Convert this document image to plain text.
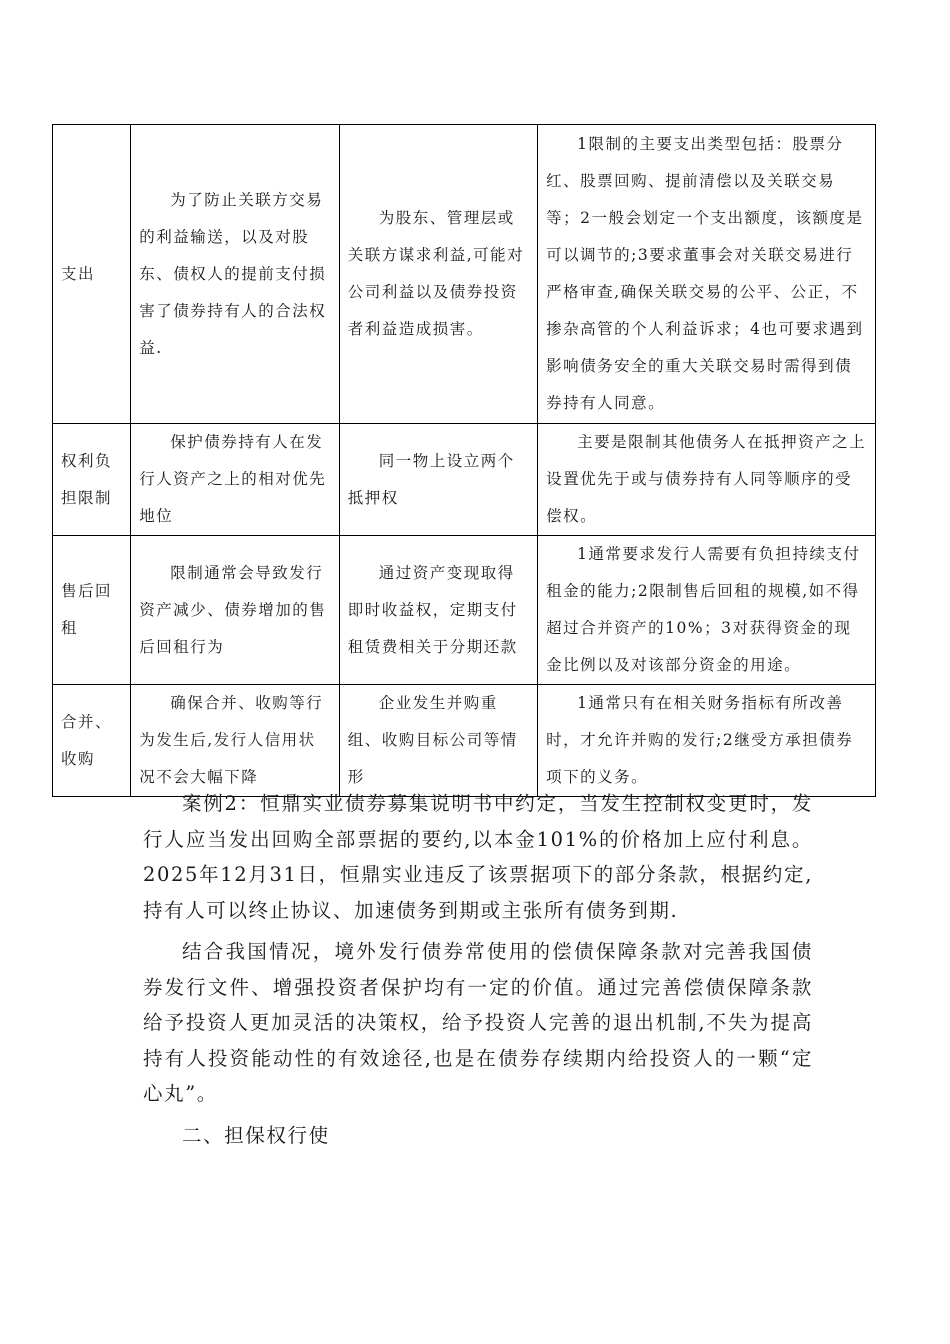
支出	为了防止关联方交易的利益输送，以及对股东、债权人的提前支付损害了债券持有人的合法权益.	为股东、管理层或关联方谋求利益,可能对公司利益以及债券投资者利益造成损害。	1限制的主要支出类型包括：股票分红、股票回购、提前清偿以及关联交易等；2一般会划定一个支出额度，该额度是可以调节的;3要求董事会对关联交易进行严格审查,确保关联交易的公平、公正，不掺杂高管的个人利益诉求；4也可要求遇到影响债务安全的重大关联交易时需得到债券持有人同意。
权利负担限制	保护债券持有人在发行人资产之上的相对优先地位	同一物上设立两个抵押权	主要是限制其他债务人在抵押资产之上设置优先于或与债券持有人同等顺序的受偿权。
售后回租	限制通常会导致发行资产减少、债券增加的售后回租行为	通过资产变现取得即时收益权，定期支付租赁费相关于分期还款	1通常要求发行人需要有负担持续支付租金的能力;2限制售后回租的规模,如不得超过合并资产的10%；3对获得资金的现金比例以及对该部分资金的用途。
合并、收购	确保合并、收购等行为发生后,发行人信用状况不会大幅下降	企业发生并购重组、收购目标公司等情形	1通常只有在相关财务指标有所改善时，才允许并购的发行;2继受方承担债券项下的义务。

案例2：恒鼎实业债券募集说明书中约定，当发生控制权变更时，发行人应当发出回购全部票据的要约,以本金101%的价格加上应付利息。2025年12月31日，恒鼎实业违反了该票据项下的部分条款，根据约定,持有人可以终止协议、加速债务到期或主张所有债务到期.

结合我国情况，境外发行债券常使用的偿债保障条款对完善我国债券发行文件、增强投资者保护均有一定的价值。通过完善偿债保障条款给予投资人更加灵活的决策权，给予投资人完善的退出机制,不失为提高持有人投资能动性的有效途径,也是在债券存续期内给投资人的一颗“定心丸”。

二、担保权行使
